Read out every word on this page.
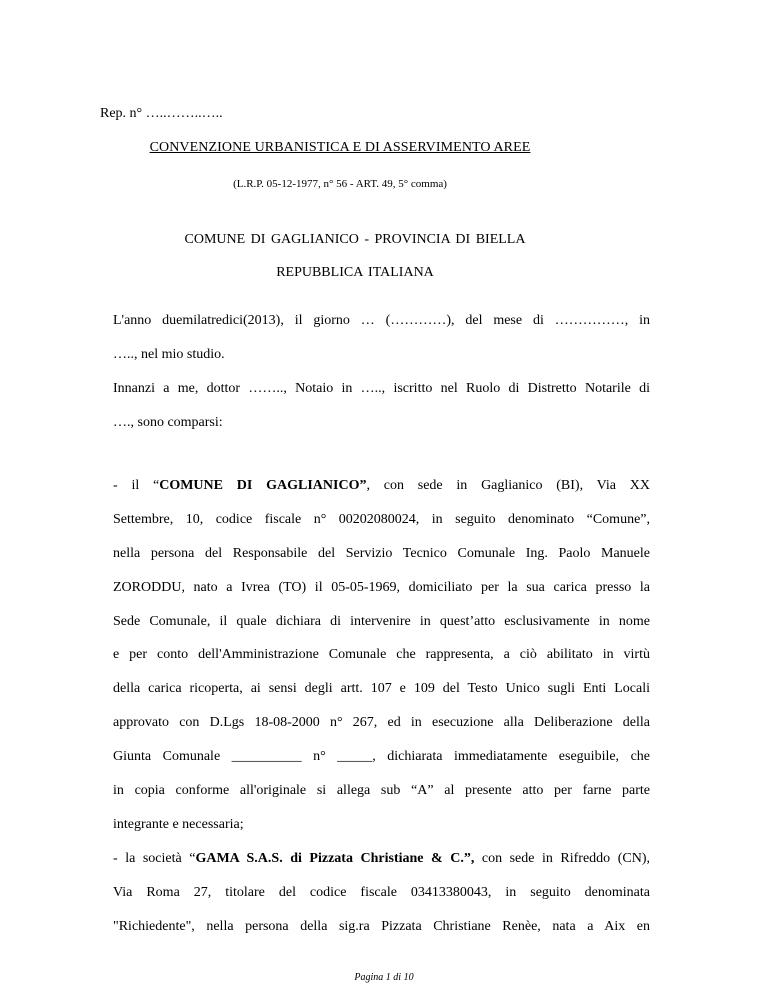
Rep. n° …..……..…..
CONVENZIONE URBANISTICA E DI ASSERVIMENTO AREE
(L.R.P. 05-12-1977, n° 56 - ART. 49, 5° comma)
COMUNE DI GAGLIANICO - PROVINCIA DI BIELLA
REPUBBLICA ITALIANA
L'anno duemilatredici(2013), il giorno … (…………), del mese di ……………, in
….., nel mio studio.
Innanzi a me, dottor …….., Notaio in ….., iscritto nel Ruolo di Distretto Notarile di
…., sono comparsi:
- il “COMUNE DI GAGLIANICO”, con sede in Gaglianico (BI), Via XX
Settembre, 10, codice fiscale n° 00202080024, in seguito denominato “Comune”,
nella persona del Responsabile del Servizio Tecnico Comunale Ing. Paolo Manuele
ZORODDU, nato a Ivrea (TO) il 05-05-1969, domiciliato per la sua carica presso la
Sede Comunale, il quale dichiara di intervenire in quest’atto esclusivamente in nome
e per conto dell'Amministrazione Comunale che rappresenta, a ciò abilitato in virtù
della carica ricoperta, ai sensi degli artt. 107 e 109 del Testo Unico sugli Enti Locali
approvato con D.Lgs 18-08-2000 n° 267, ed in esecuzione alla Deliberazione della
Giunta Comunale __________ n° _____, dichiarata immediatamente eseguibile, che
in copia conforme all'originale si allega sub “A” al presente atto per farne parte
integrante e necessaria;
- la società “GAMA S.A.S. di Pizzata Christiane & C.”, con sede in Rifreddo (CN),
Via Roma 27, titolare del codice fiscale 03413380043, in seguito denominata
"Richiedente", nella persona della sig.ra Pizzata Christiane Renèe, nata a Aix en
Pagina 1 di 10
